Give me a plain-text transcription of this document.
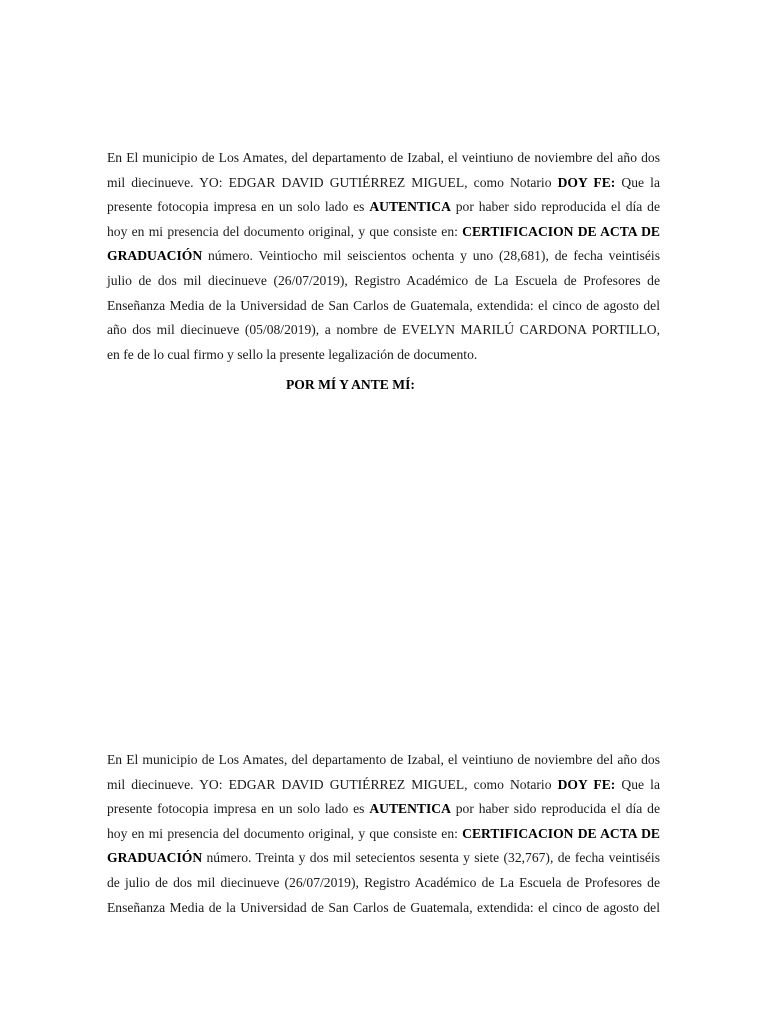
En El municipio de Los Amates, del departamento de Izabal, el veintiuno de noviembre del año dos
mil diecinueve. YO: EDGAR DAVID GUTIÉRREZ MIGUEL, como Notario DOY FE: Que la
presente fotocopia impresa en un solo lado es AUTENTICA por haber sido reproducida el día de
hoy en mi presencia del documento original, y que consiste en: CERTIFICACION DE ACTA DE
GRADUACIÓN número. Veintiocho mil seiscientos ochenta y uno (28,681), de fecha veintiséis
julio de dos mil diecinueve (26/07/2019), Registro Académico de La Escuela de Profesores de
Enseñanza Media de la Universidad de San Carlos de Guatemala, extendida: el cinco de agosto del
año dos mil diecinueve (05/08/2019), a nombre de EVELYN MARILÚ CARDONA PORTILLO,
en fe de lo cual firmo y sello la presente legalización de documento.
POR MÍ Y ANTE MÍ:
En El municipio de Los Amates, del departamento de Izabal, el veintiuno de noviembre del año dos
mil diecinueve. YO: EDGAR DAVID GUTIÉRREZ MIGUEL, como Notario DOY FE: Que la
presente fotocopia impresa en un solo lado es AUTENTICA por haber sido reproducida el día de
hoy en mi presencia del documento original, y que consiste en: CERTIFICACION DE ACTA DE
GRADUACIÓN número. Treinta y dos mil setecientos sesenta y siete (32,767), de fecha veintiséis
de julio de dos mil diecinueve (26/07/2019), Registro Académico de La Escuela de Profesores de
Enseñanza Media de la Universidad de San Carlos de Guatemala, extendida: el cinco de agosto del
